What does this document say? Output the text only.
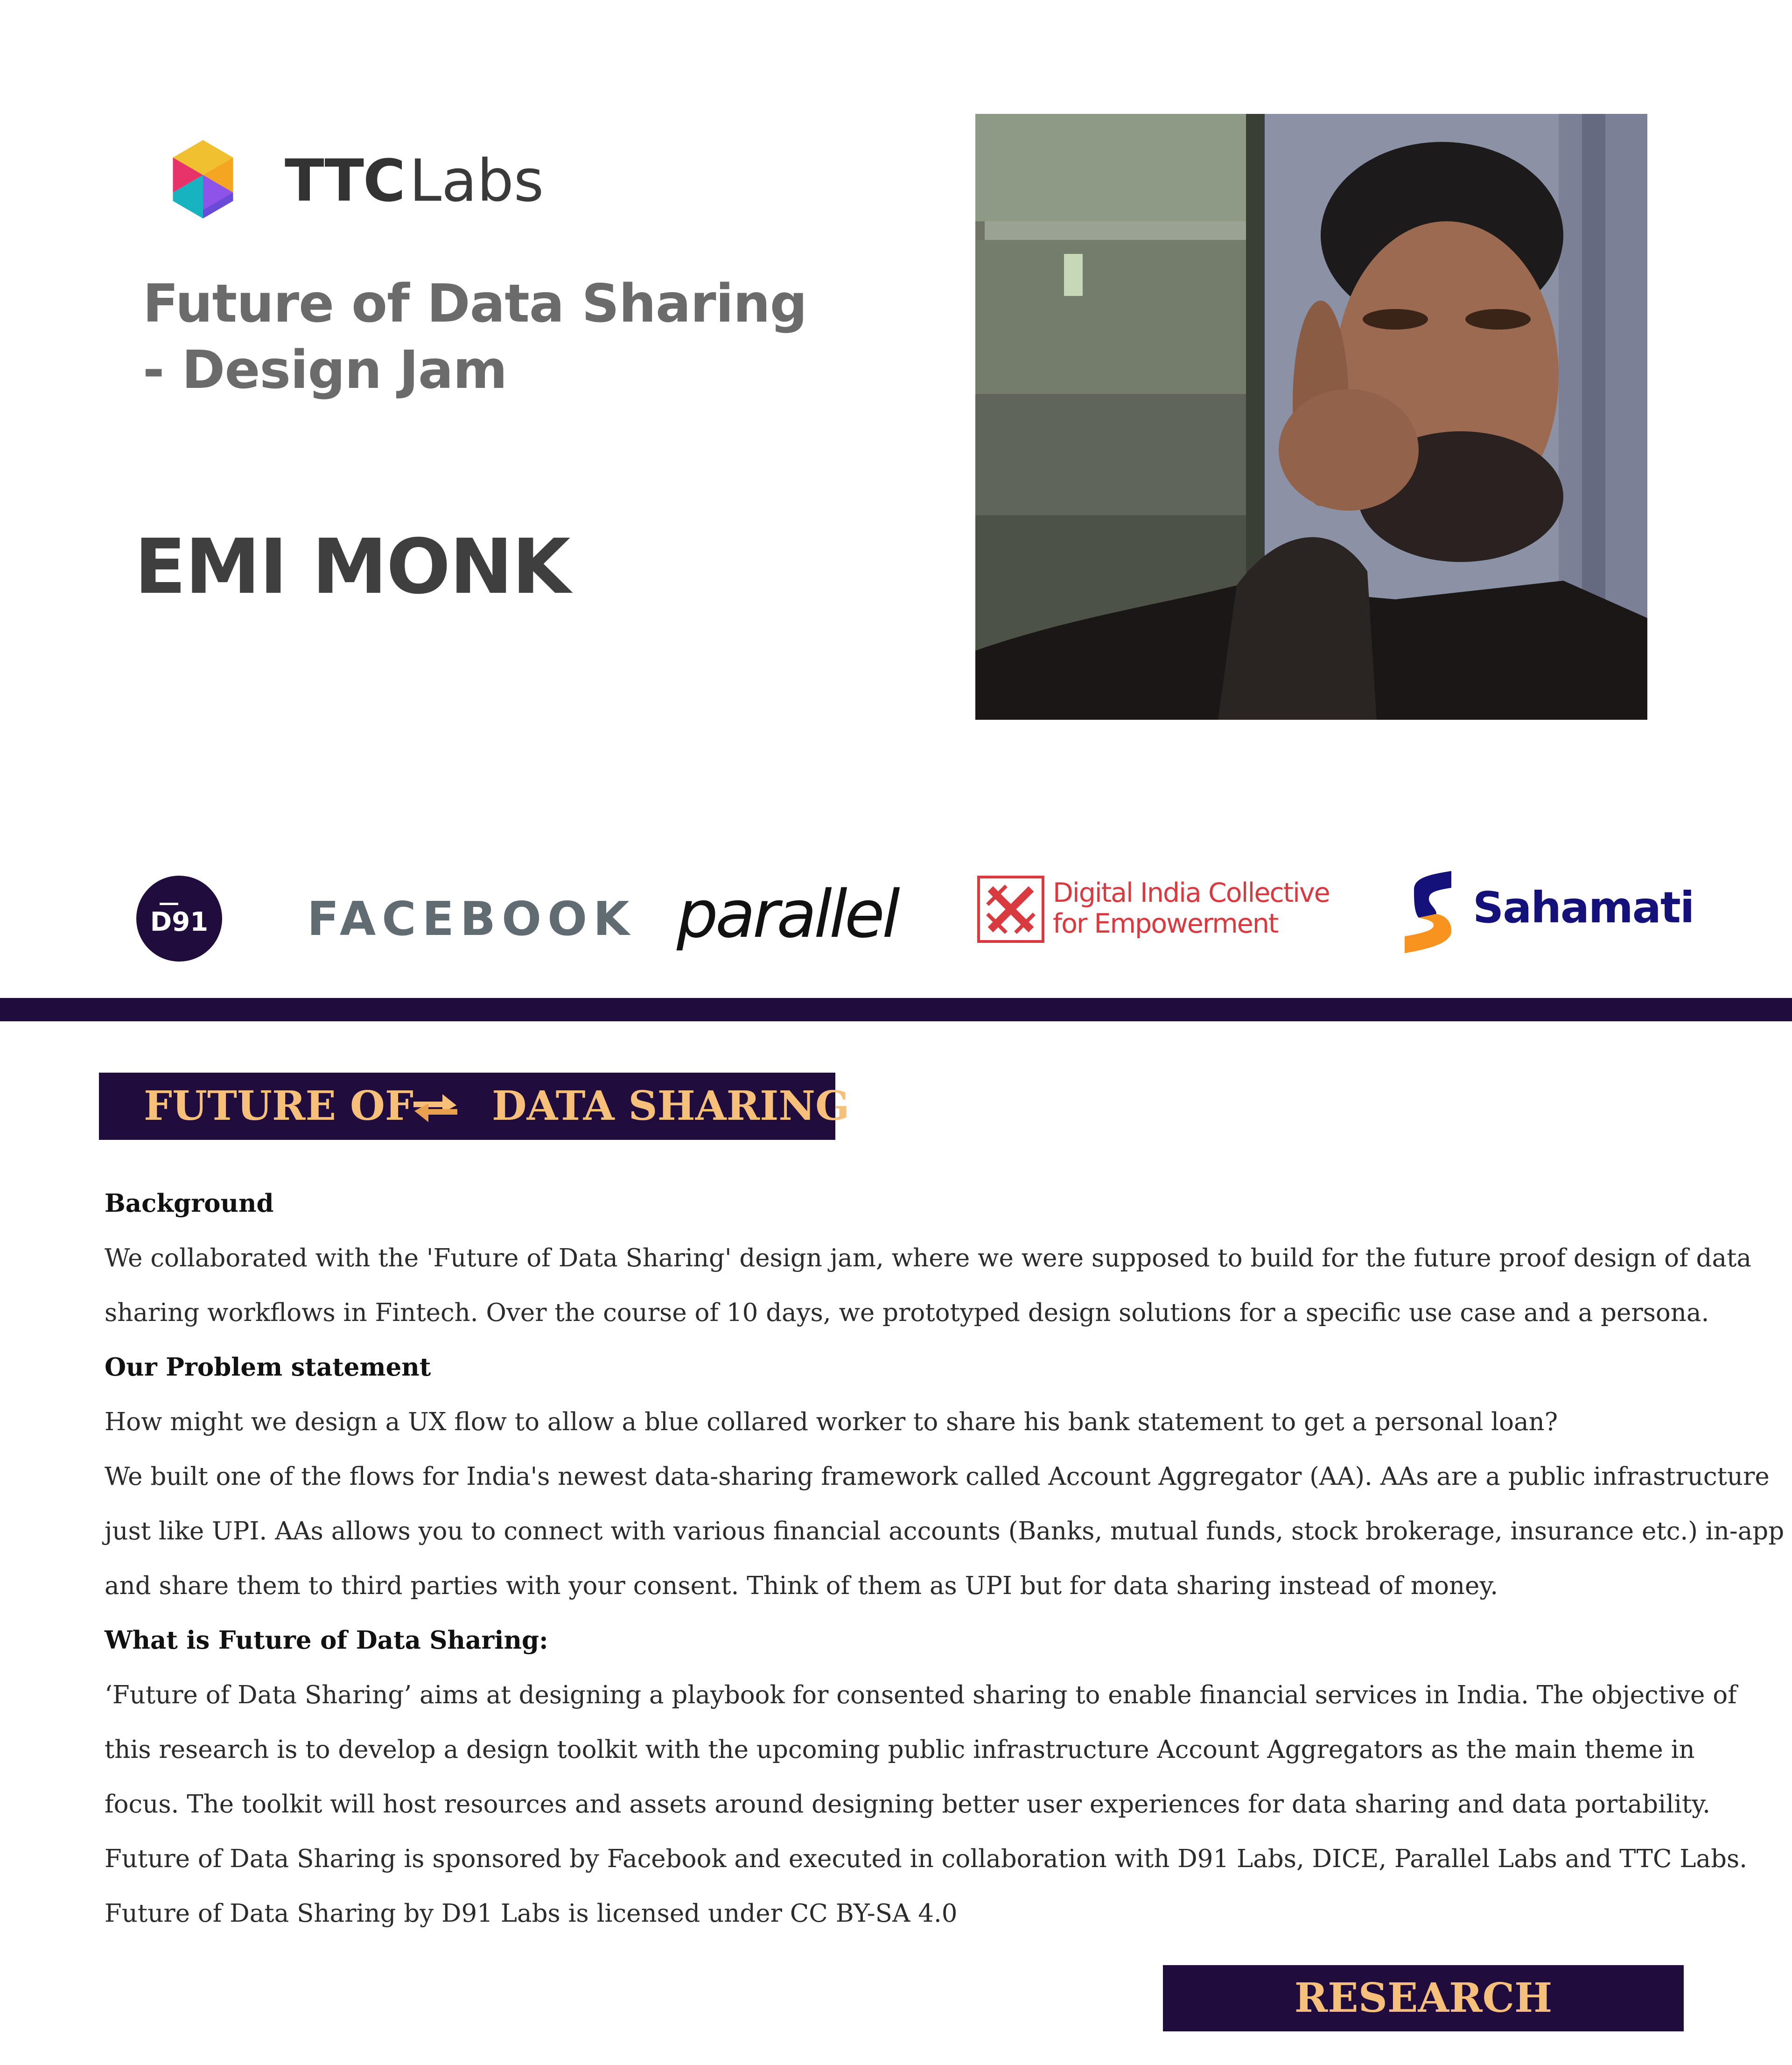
TTCLabs
Future of Data Sharing - Design Jam
EMI MONK
D91 FACEBOOK parallel	Digital India Collective
for Empowerment	Sahamati
FUTURE OF DATA SHARING

Background

We collaborated with the 'Future of Data Sharing' design jam, where we were supposed to build for the future proof design of data

sharing workflows in Fintech. Over the course of 10 days, we prototyped design solutions for a specific use case and a persona.

Our Problem statement

How might we design a UX flow to allow a blue collared worker to share his bank statement to get a personal loan?

We built one of the flows for India's newest data-sharing framework called Account Aggregator (AA). AAs are a public infrastructure

just like UPI. AAs allows you to connect with various financial accounts (Banks, mutual funds, stock brokerage, insurance etc.) in-app

and share them to third parties with your consent. Think of them as UPI but for data sharing instead of money.

What is Future of Data Sharing:

‘Future of Data Sharing’ aims at designing a playbook for consented sharing to enable financial services in India. The objective of

this research is to develop a design toolkit with the upcoming public infrastructure Account Aggregators as the main theme in

focus. The toolkit will host resources and assets around designing better user experiences for data sharing and data portability.

Future of Data Sharing is sponsored by Facebook and executed in collaboration with D91 Labs, DICE, Parallel Labs and TTC Labs.

Future of Data Sharing by D91 Labs is licensed under CC BY-SA 4.0

RESEARCH
